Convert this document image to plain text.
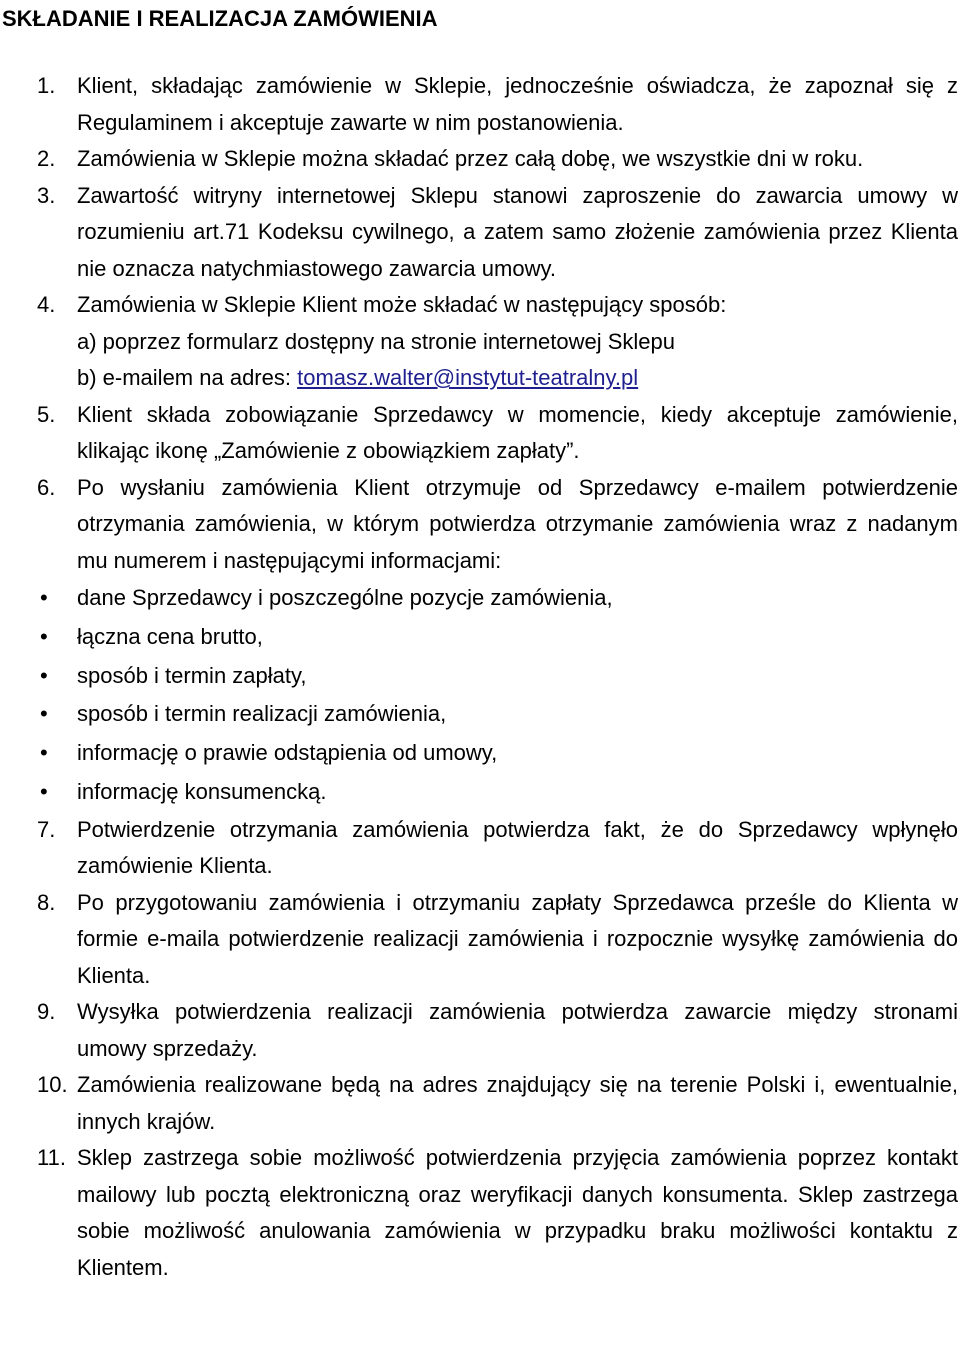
SKŁADANIE I REALIZACJA ZAMÓWIENIA
1. Klient, składając zamówienie w Sklepie, jednocześnie oświadcza, że zapoznał się z Regulaminem i akceptuje zawarte w nim postanowienia.
2. Zamówienia w Sklepie można składać przez całą dobę, we wszystkie dni w roku.
3. Zawartość witryny internetowej Sklepu stanowi zaproszenie do zawarcia umowy w rozumieniu art.71 Kodeksu cywilnego, a zatem samo złożenie zamówienia przez Klienta nie oznacza natychmiastowego zawarcia umowy.
4. Zamówienia w Sklepie Klient może składać w następujący sposób:
a) poprzez formularz dostępny na stronie internetowej Sklepu
b) e-mailem na adres: tomasz.walter@instytut-teatralny.pl
5. Klient składa zobowiązanie Sprzedawcy w momencie, kiedy akceptuje zamówienie, klikając ikonę „Zamówienie z obowiązkiem zapłaty”.
6. Po wysłaniu zamówienia Klient otrzymuje od Sprzedawcy e-mailem potwierdzenie otrzymania zamówienia, w którym potwierdza otrzymanie zamówienia wraz z nadanym mu numerem i następującymi informacjami:
• dane Sprzedawcy i poszczególne pozycje zamówienia,
• łączna cena brutto,
• sposób i termin zapłaty,
• sposób i termin realizacji zamówienia,
• informację o prawie odstąpienia od umowy,
• informację konsumencką.
7. Potwierdzenie otrzymania zamówienia potwierdza fakt, że do Sprzedawcy wpłynęło zamówienie Klienta.
8. Po przygotowaniu zamówienia i otrzymaniu zapłaty Sprzedawca prześle do Klienta w formie e-maila potwierdzenie realizacji zamówienia i rozpocznie wysyłkę zamówienia do Klienta.
9. Wysyłka potwierdzenia realizacji zamówienia potwierdza zawarcie między stronami umowy sprzedaży.
10. Zamówienia realizowane będą na adres znajdujący się na terenie Polski i, ewentualnie, innych krajów.
11. Sklep zastrzega sobie możliwość potwierdzenia przyjęcia zamówienia poprzez kontakt mailowy lub pocztą elektroniczną oraz weryfikacji danych konsumenta. Sklep zastrzega sobie możliwość anulowania zamówienia w przypadku braku możliwości kontaktu z Klientem.
